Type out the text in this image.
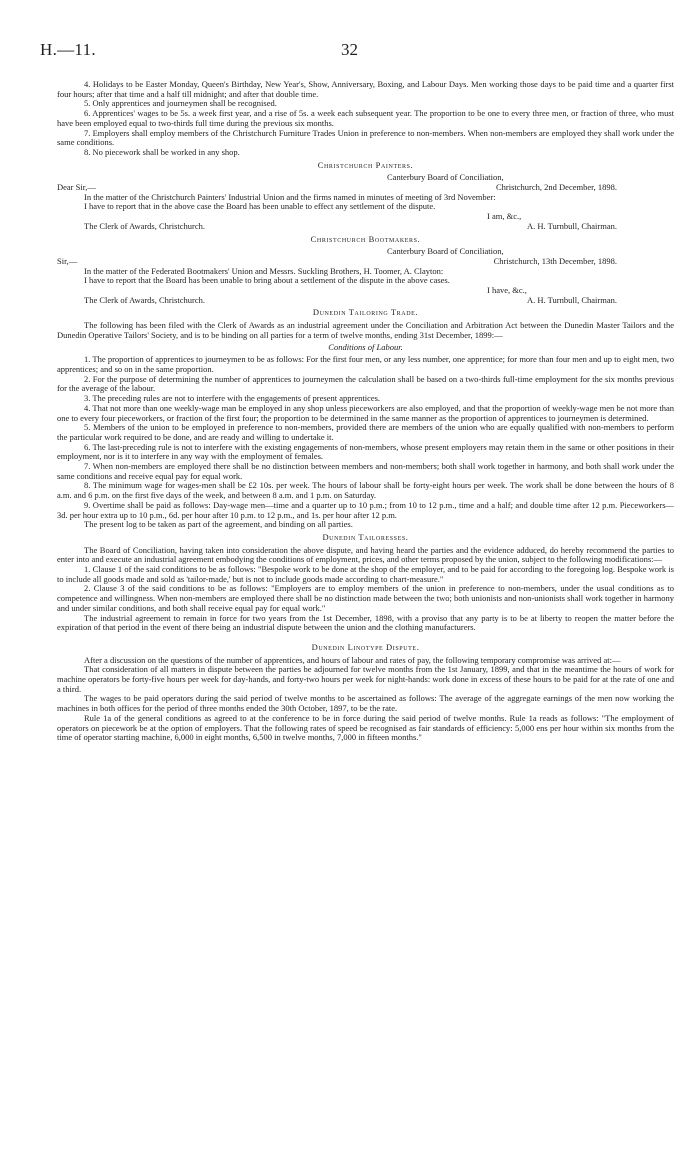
H.—11.	32

4. Holidays to be Easter Monday, Queen's Birthday, New Year's, Show, Anniversary, Boxing, and Labour Days. Men working those days to be paid time and a quarter first four hours; after that time and a half till midnight; and after that double time.

5. Only apprentices and journeymen shall be recognised.

6. Apprentices' wages to be 5s. a week first year, and a rise of 5s. a week each subsequent year. The proportion to be one to every three men, or fraction of three, who must have been employed equal to two-thirds full time during the previous six months.

7. Employers shall employ members of the Christchurch Furniture Trades Union in preference to non-members. When non-members are employed they shall work under the same conditions.

8. No piecework shall be worked in any shop.

Christchurch Painters.
Canterbury Board of Conciliation,
Dear Sir,—	Christchurch, 2nd December, 1898.

In the matter of the Christchurch Painters' Industrial Union and the firms named in minutes of meeting of 3rd November:

I have to report that in the above case the Board has been unable to effect any settlement of the dispute.

I am, &c.,
The Clerk of Awards, Christchurch.	A. H. Turnbull, Chairman.
Christchurch Bootmakers.
Canterbury Board of Conciliation,
Sir,—	Christchurch, 13th December, 1898.

In the matter of the Federated Bootmakers' Union and Messrs. Suckling Brothers, H. Toomer, A. Clayton:

I have to report that the Board has been unable to bring about a settlement of the dispute in the above cases.

I have, &c.,
The Clerk of Awards, Christchurch.	A. H. Turnbull, Chairman.
Dunedin Tailoring Trade.

The following has been filed with the Clerk of Awards as an industrial agreement under the Conciliation and Arbitration Act between the Dunedin Master Tailors and the Dunedin Operative Tailors' Society, and is to be binding on all parties for a term of twelve months, ending 31st December, 1899:—

Conditions of Labour.

1. The proportion of apprentices to journeymen to be as follows: For the first four men, or any less number, one apprentice; for more than four men and up to eight men, two apprentices; and so on in the same proportion.

2. For the purpose of determining the number of apprentices to journeymen the calculation shall be based on a two-thirds full-time employment for the six months previous for the average of the labour.

3. The preceding rules are not to interfere with the engagements of present apprentices.

4. That not more than one weekly-wage man be employed in any shop unless pieceworkers are also employed, and that the proportion of weekly-wage men be not more than one to every four pieceworkers, or fraction of the first four; the proportion to be determined in the same manner as the proportion of apprentices to journeymen is determined.

5. Members of the union to be employed in preference to non-members, provided there are members of the union who are equally qualified with non-members to perform the particular work required to be done, and are ready and willing to undertake it.

6. The last-preceding rule is not to interfere with the existing engagements of non-members, whose present employers may retain them in the same or other positions in their employment, nor is it to interfere in any way with the employment of females.

7. When non-members are employed there shall be no distinction between members and non-members; both shall work together in harmony, and both shall work under the same conditions and receive equal pay for equal work.

8. The minimum wage for wages-men shall be £2 10s. per week. The hours of labour shall be forty-eight hours per week. The work shall be done between the hours of 8 a.m. and 6 p.m. on the first five days of the week, and between 8 a.m. and 1 p.m. on Saturday.

9. Overtime shall be paid as follows: Day-wage men—time and a quarter up to 10 p.m.; from 10 to 12 p.m., time and a half; and double time after 12 p.m. Pieceworkers—3d. per hour extra up to 10 p.m., 6d. per hour after 10 p.m. to 12 p.m., and 1s. per hour after 12 p.m.

The present log to be taken as part of the agreement, and binding on all parties.

Dunedin Tailoresses.

The Board of Conciliation, having taken into consideration the above dispute, and having heard the parties and the evidence adduced, do hereby recommend the parties to enter into and execute an industrial agreement embodying the conditions of employment, prices, and other terms proposed by the union, subject to the following modifications:—

1. Clause 1 of the said conditions to be as follows: "Bespoke work to be done at the shop of the employer, and to be paid for according to the foregoing log. Bespoke work is to include all goods made and sold as 'tailor-made,' but is not to include goods made according to chart-measure."

2. Clause 3 of the said conditions to be as follows: "Employers are to employ members of the union in preference to non-members, under the usual conditions as to competence and willingness. When non-members are employed there shall be no distinction made between the two; both unionists and non-unionists shall work together in harmony and under similar conditions, and both shall receive equal pay for equal work."

The industrial agreement to remain in force for two years from the 1st December, 1898, with a proviso that any party is to be at liberty to reopen the matter before the expiration of that period in the event of there being an industrial dispute between the union and the clothing manufacturers.

Dunedin Linotype Dispute.

After a discussion on the questions of the number of apprentices, and hours of labour and rates of pay, the following temporary compromise was arrived at:—

That consideration of all matters in dispute between the parties be adjourned for twelve months from the 1st January, 1899, and that in the meantime the hours of work for machine operators be forty-five hours per week for day-hands, and forty-two hours per week for night-hands: work done in excess of these hours to be paid for at the rate of one and a third.

The wages to be paid operators during the said period of twelve months to be ascertained as follows: The average of the aggregate earnings of the men now working the machines in both offices for the period of three months ended the 30th October, 1897, to be the rate.

Rule 1a of the general conditions as agreed to at the conference to be in force during the said period of twelve months. Rule 1a reads as follows: "The employment of operators on piecework be at the option of employers. That the following rates of speed be recognised as fair standards of efficiency: 5,000 ens per hour within six months from the time of operator starting machine, 6,000 in eight months, 6,500 in twelve months, 7,000 in fifteen months."
